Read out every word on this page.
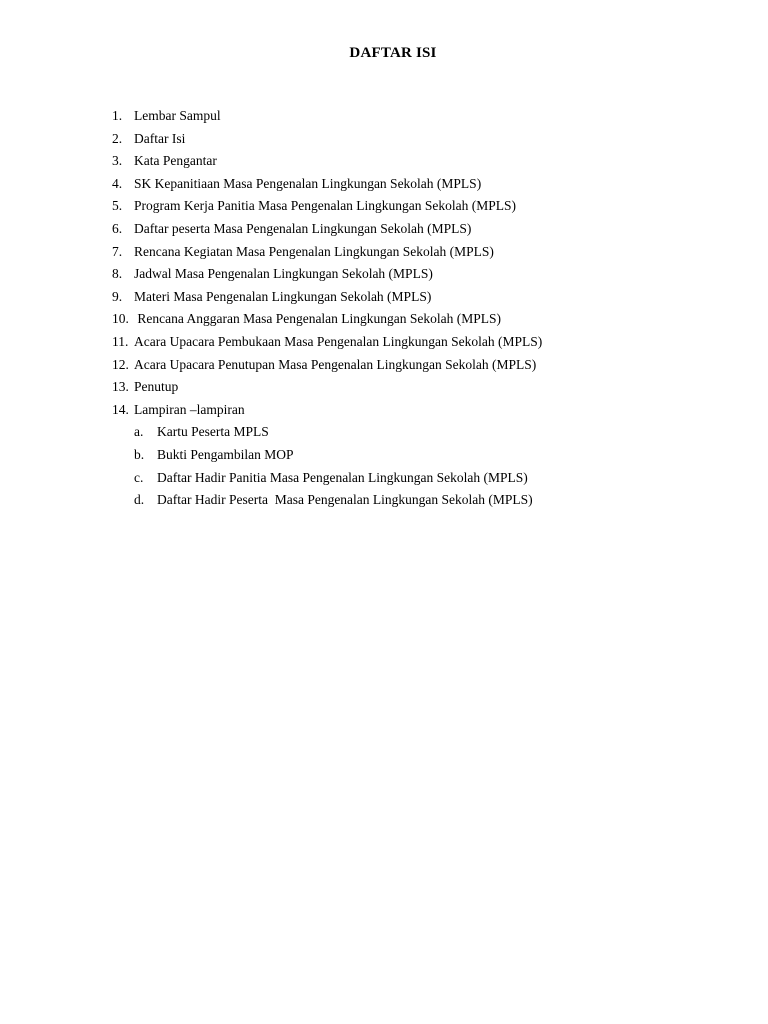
DAFTAR ISI
1. Lembar Sampul
2. Daftar Isi
3. Kata Pengantar
4. SK Kepanitiaan Masa Pengenalan Lingkungan Sekolah (MPLS)
5. Program Kerja Panitia Masa Pengenalan Lingkungan Sekolah (MPLS)
6. Daftar peserta Masa Pengenalan Lingkungan Sekolah (MPLS)
7. Rencana Kegiatan Masa Pengenalan Lingkungan Sekolah (MPLS)
8. Jadwal Masa Pengenalan Lingkungan Sekolah (MPLS)
9. Materi Masa Pengenalan Lingkungan Sekolah (MPLS)
10. Rencana Anggaran Masa Pengenalan Lingkungan Sekolah (MPLS)
11. Acara Upacara Pembukaan Masa Pengenalan Lingkungan Sekolah (MPLS)
12. Acara Upacara Penutupan Masa Pengenalan Lingkungan Sekolah (MPLS)
13. Penutup
14. Lampiran –lampiran
a. Kartu Peserta MPLS
b. Bukti Pengambilan MOP
c. Daftar Hadir Panitia Masa Pengenalan Lingkungan Sekolah (MPLS)
d. Daftar Hadir Peserta  Masa Pengenalan Lingkungan Sekolah (MPLS)
